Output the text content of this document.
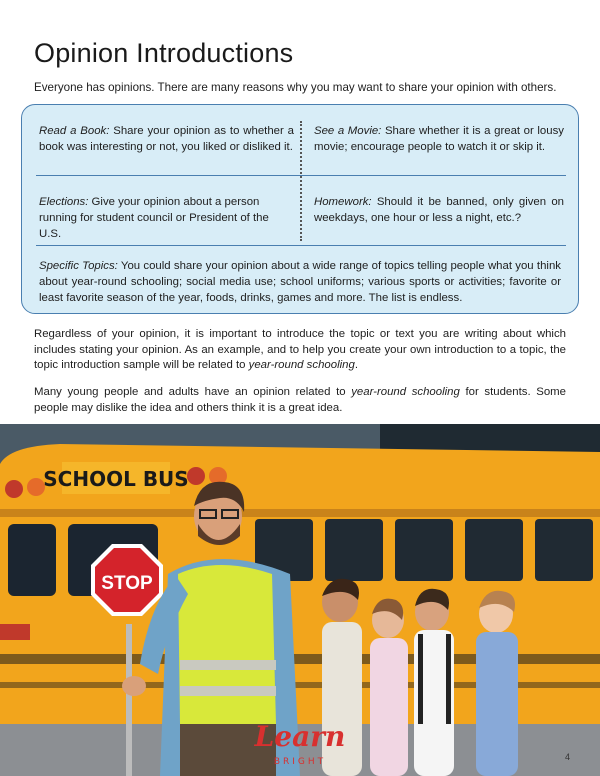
Opinion Introductions

Everyone has opinions. There are many reasons why you may want to share your opinion with others.

Read a Book: Share your opinion as to whether a book was interesting or not, you liked or disliked it.

See a Movie: Share whether it is a great or lousy movie; encourage people to watch it or skip it.

Elections: Give your opinion about a person running for student council or President of the U.S.

Homework: Should it be banned, only given on weekdays, one hour or less a night, etc.?

Specific Topics: You could share your opinion about a wide range of topics telling people what you think about year-round schooling; social media use; school uniforms; various sports or activities; favorite or least favorite season of the year, foods, drinks, games and more. The list is endless.

Regardless of your opinion, it is important to introduce the topic or text you are writing about which includes stating your opinion. As an example, and to help you create your own introduction to a topic, the topic introduction sample will be related to year-round schooling.

Many young people and adults have an opinion related to year-round schooling for students. Some people may dislike the idea and others think it is a great idea.

SCHOOL BUS
STOP
Learn
BRIGHT	4
